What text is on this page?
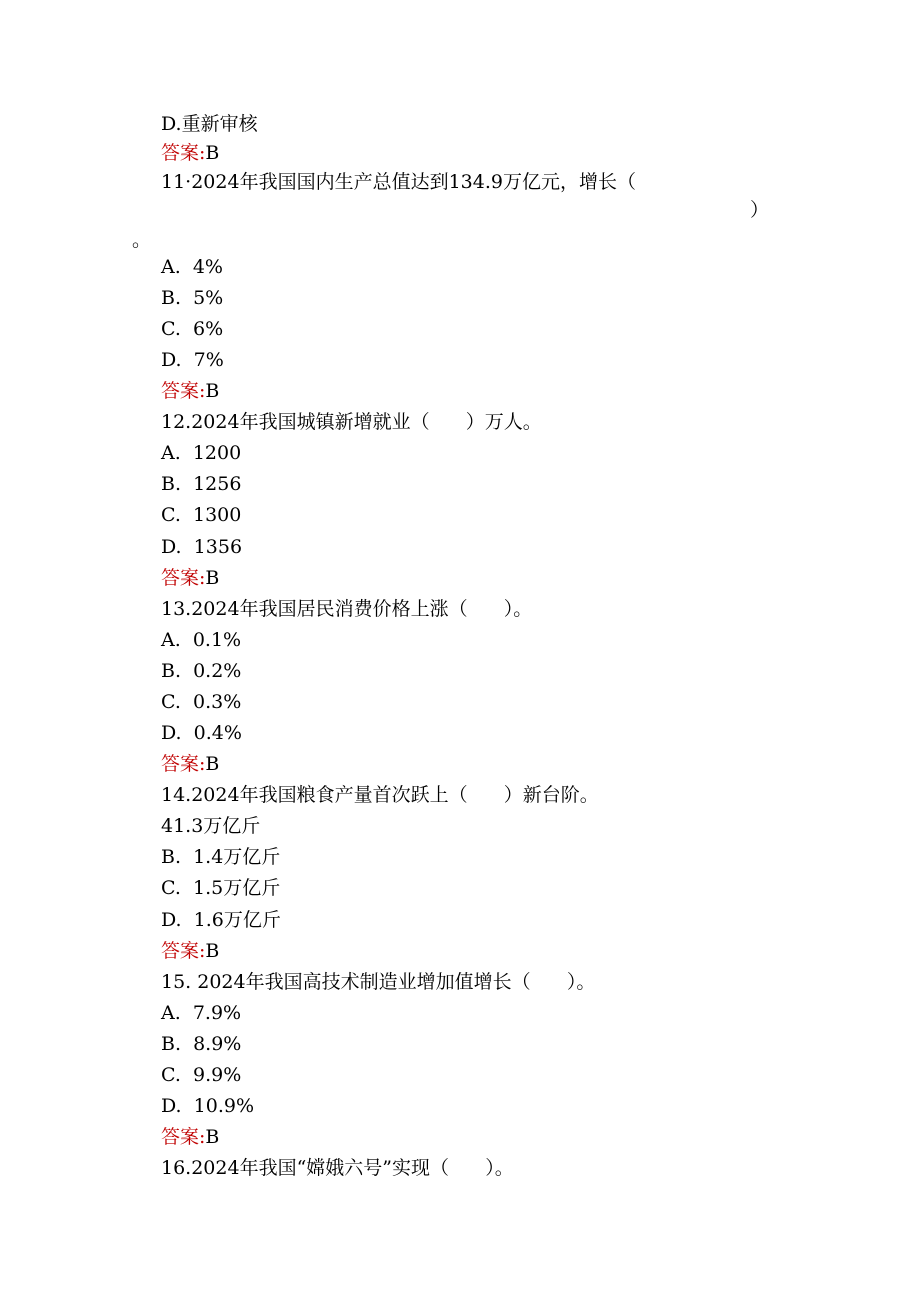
D.重新审核
答案:B
11·2024年我国国内生产总值达到134.9万亿元，增长（
）
。
A.  4%
B.  5%
C.  6%
D.  7%
答案:B
12.2024年我国城镇新增就业（      ）万人。
A.  1200
B.  1256
C.  1300
D.  1356
答案:B
13.2024年我国居民消费价格上涨（      ）。
A.  0.1%
B.  0.2%
C.  0.3%
D.  0.4%
答案:B
14.2024年我国粮食产量首次跃上（      ）新台阶。
41.3万亿斤
B.  1.4万亿斤
C.  1.5万亿斤
D.  1.6万亿斤
答案:B
15. 2024年我国高技术制造业增加值增长（      ）。
A.  7.9%
B.  8.9%
C.  9.9%
D.  10.9%
答案:B
16.2024年我国“嫦娥六号”实现（      ）。
